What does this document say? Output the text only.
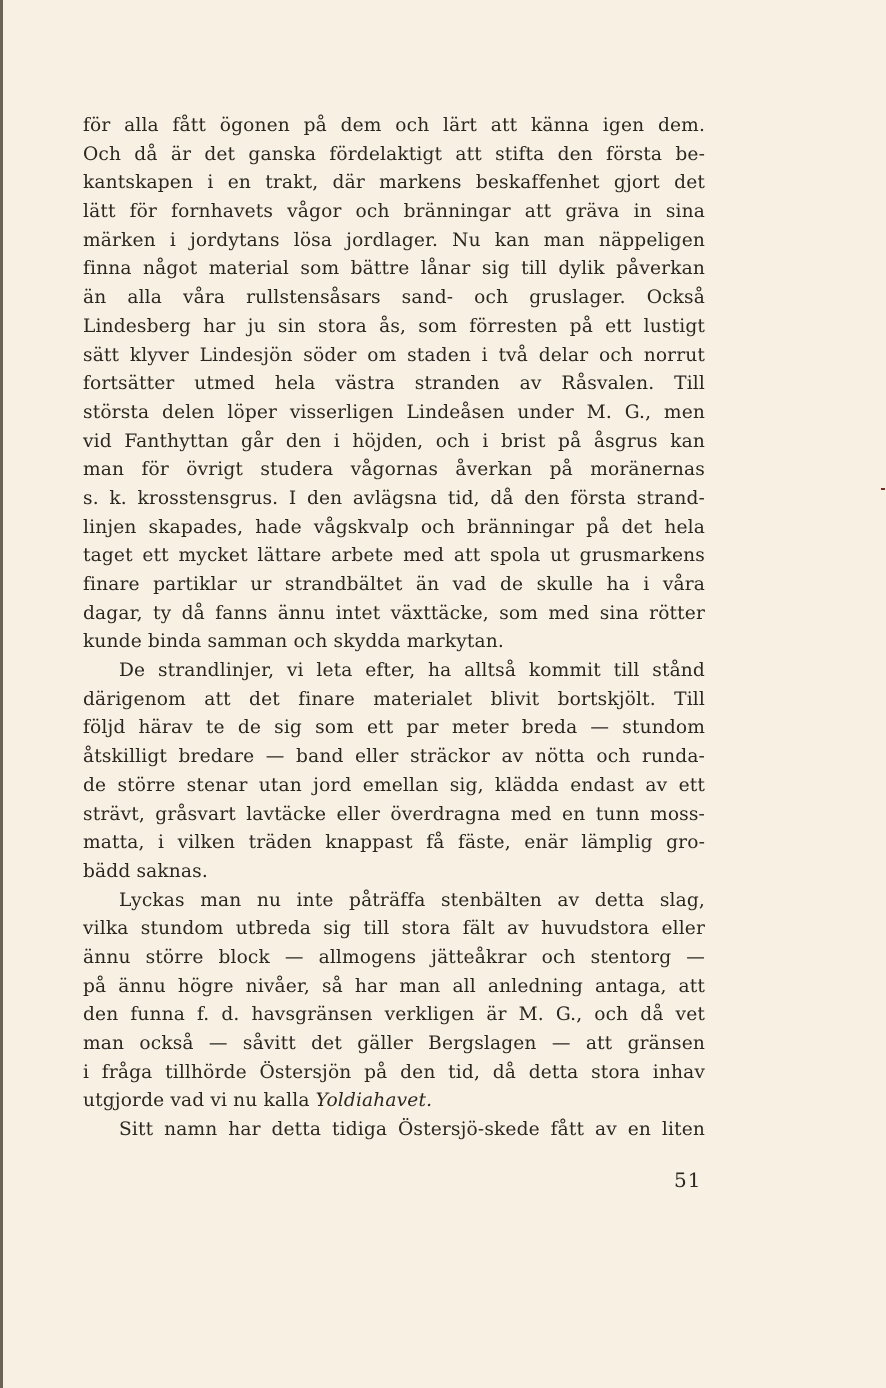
för alla fått ögonen på dem och lärt att känna igen dem.
Och då är det ganska fördelaktigt att stifta den första be-
kantskapen i en trakt, där markens beskaffenhet gjort det
lätt för fornhavets vågor och bränningar att gräva in sina
märken i jordytans lösa jordlager. Nu kan man näppeligen
finna något material som bättre lånar sig till dylik påverkan
än alla våra rullstensåsars sand- och gruslager. Också
Lindesberg har ju sin stora ås, som förresten på ett lustigt
sätt klyver Lindesjön söder om staden i två delar och norrut
fortsätter utmed hela västra stranden av Råsvalen. Till
största delen löper visserligen Lindeåsen under M. G., men
vid Fanthyttan går den i höjden, och i brist på åsgrus kan
man för övrigt studera vågornas åverkan på moränernas
s. k. krosstensgrus. I den avlägsna tid, då den första strand-
linjen skapades, hade vågskvalp och bränningar på det hela
taget ett mycket lättare arbete med att spola ut grusmarkens
finare partiklar ur strandbältet än vad de skulle ha i våra
dagar, ty då fanns ännu intet växttäcke, som med sina rötter
kunde binda samman och skydda markytan.
De strandlinjer, vi leta efter, ha alltså kommit till stånd
därigenom att det finare materialet blivit bortskjölt. Till
följd härav te de sig som ett par meter breda — stundom
åtskilligt bredare — band eller sträckor av nötta och runda-
de större stenar utan jord emellan sig, klädda endast av ett
strävt, gråsvart lavtäcke eller överdragna med en tunn moss-
matta, i vilken träden knappast få fäste, enär lämplig gro-
bädd saknas.
Lyckas man nu inte påträffa stenbälten av detta slag,
vilka stundom utbreda sig till stora fält av huvudstora eller
ännu större block — allmogens jätteåkrar och stentorg —
på ännu högre nivåer, så har man all anledning antaga, att
den funna f. d. havsgränsen verkligen är M. G., och då vet
man också — såvitt det gäller Bergslagen — att gränsen
i fråga tillhörde Östersjön på den tid, då detta stora inhav
utgjorde vad vi nu kalla Yoldiahavet.
Sitt namn har detta tidiga Östersjö-skede fått av en liten
51
